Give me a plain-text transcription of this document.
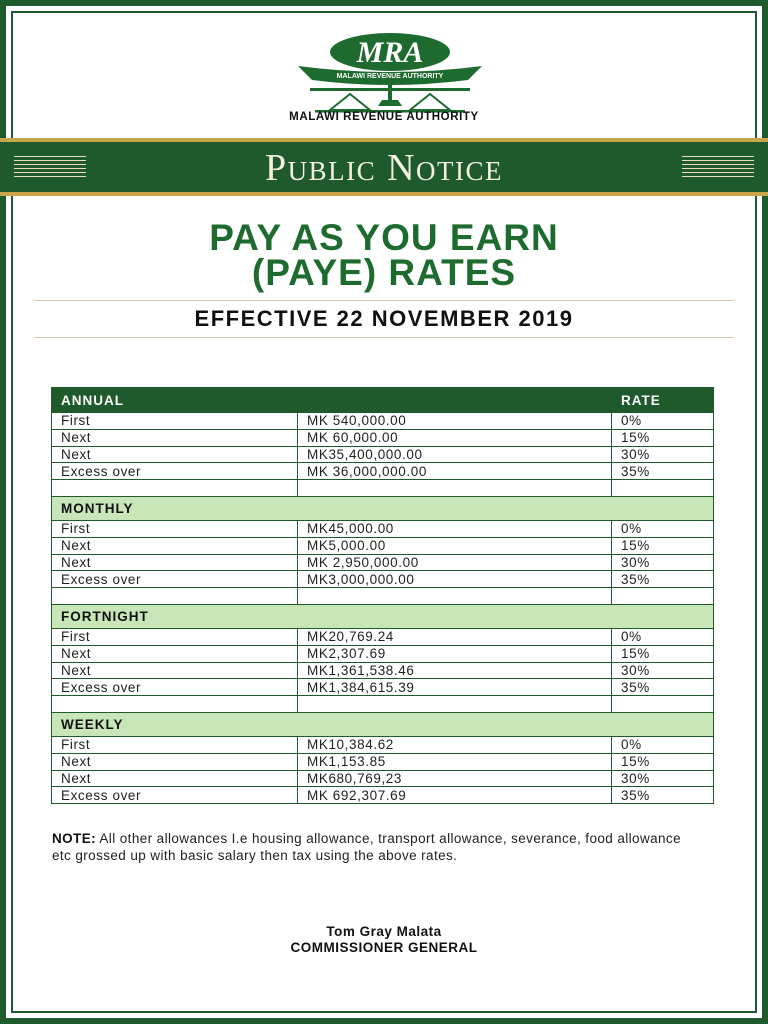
MRA
MALAWI REVENUE AUTHORITY
MALAWI REVENUE AUTHORITY
Public Notice
PAY AS YOU EARN
(PAYE) RATES
EFFECTIVE 22 NOVEMBER 2019
ANNUAL		RATE
First	MK 540,000.00	0%
Next	MK 60,000.00	15%
Next	MK35,400,000.00	30%
Excess over	MK 36,000,000.00	35%

MONTHLY		
First	MK45,000.00	0%
Next	MK5,000.00	15%
Next	MK 2,950,000.00	30%
Excess over	MK3,000,000.00	35%

FORTNIGHT		
First	MK20,769.24	0%
Next	MK2,307.69	15%
Next	MK1,361,538.46	30%
Excess over	MK1,384,615.39	35%

WEEKLY		
First	MK10,384.62	0%
Next	MK1,153.85	15%
Next	MK680,769,23	30%
Excess over	MK 692,307.69	35%
NOTE: All other allowances I.e housing allowance, transport allowance, severance, food allowance etc grossed up with basic salary then tax using the above rates.
Tom Gray Malata
COMMISSIONER GENERAL
